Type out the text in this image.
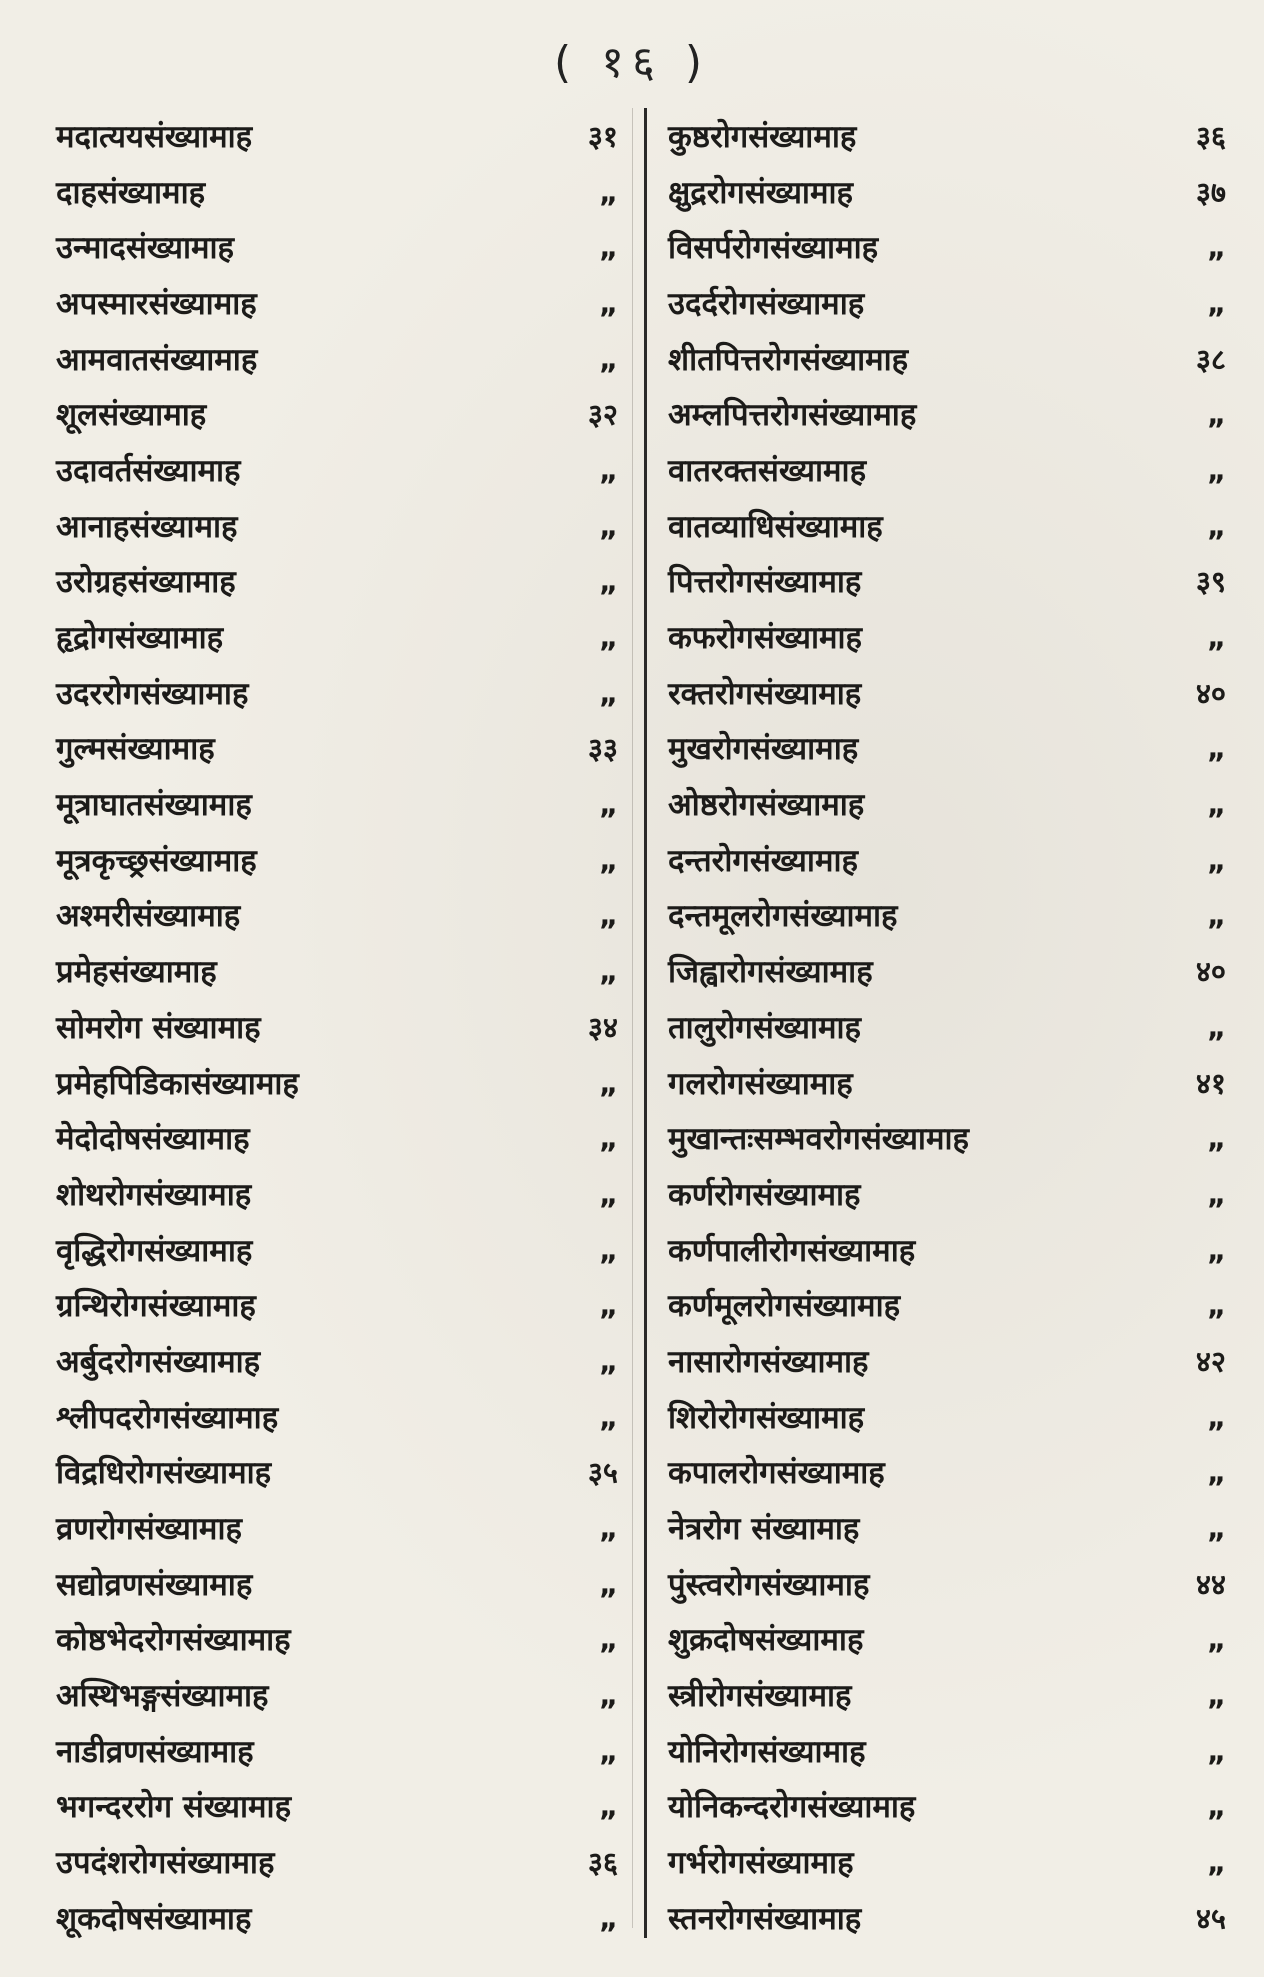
( १६ )
मदात्ययसंख्यामाह	३१
दाहसंख्यामाह	„
उन्मादसंख्यामाह	„
अपस्मारसंख्यामाह	„
आमवातसंख्यामाह	„
शूलसंख्यामाह	३२
उदावर्तसंख्यामाह	„
आनाहसंख्यामाह	„
उरोग्रहसंख्यामाह	„
हृद्रोगसंख्यामाह	„
उदररोगसंख्यामाह	„
गुल्मसंख्यामाह	३३
मूत्राघातसंख्यामाह	„
मूत्रकृच्छ्रसंख्यामाह	„
अश्मरीसंख्यामाह	„
प्रमेहसंख्यामाह	„
सोमरोग संख्यामाह	३४
प्रमेहपिडिकासंख्यामाह	„
मेदोदोषसंख्यामाह	„
शोथरोगसंख्यामाह	„
वृद्धिरोगसंख्यामाह	„
ग्रन्थिरोगसंख्यामाह	„
अर्बुदरोगसंख्यामाह	„
श्लीपदरोगसंख्यामाह	„
विद्रधिरोगसंख्यामाह	३५
व्रणरोगसंख्यामाह	„
सद्योव्रणसंख्यामाह	„
कोष्ठभेदरोगसंख्यामाह	„
अस्थिभङ्गसंख्यामाह	„
नाडीव्रणसंख्यामाह	„
भगन्दररोग संख्यामाह	„
उपदंशरोगसंख्यामाह	३६
शूकदोषसंख्यामाह	„
कुष्ठरोगसंख्यामाह	३६
क्षुद्ररोगसंख्यामाह	३७
विसर्परोगसंख्यामाह	„
उदर्दरोगसंख्यामाह	„
शीतपित्तरोगसंख्यामाह	३८
अम्लपित्तरोगसंख्यामाह	„
वातरक्तसंख्यामाह	„
वातव्याधिसंख्यामाह	„
पित्तरोगसंख्यामाह	३९
कफरोगसंख्यामाह	„
रक्तरोगसंख्यामाह	४०
मुखरोगसंख्यामाह	„
ओष्ठरोगसंख्यामाह	„
दन्तरोगसंख्यामाह	„
दन्तमूलरोगसंख्यामाह	„
जिह्वारोगसंख्यामाह	४०
तालुरोगसंख्यामाह	„
गलरोगसंख्यामाह	४१
मुखान्तःसम्भवरोगसंख्यामाह	„
कर्णरोगसंख्यामाह	„
कर्णपालीरोगसंख्यामाह	„
कर्णमूलरोगसंख्यामाह	„
नासारोगसंख्यामाह	४२
शिरोरोगसंख्यामाह	„
कपालरोगसंख्यामाह	„
नेत्ररोग संख्यामाह	„
पुंस्त्वरोगसंख्यामाह	४४
शुक्रदोषसंख्यामाह	„
स्त्रीरोगसंख्यामाह	„
योनिरोगसंख्यामाह	„
योनिकन्दरोगसंख्यामाह	„
गर्भरोगसंख्यामाह	„
स्तनरोगसंख्यामाह	४५
